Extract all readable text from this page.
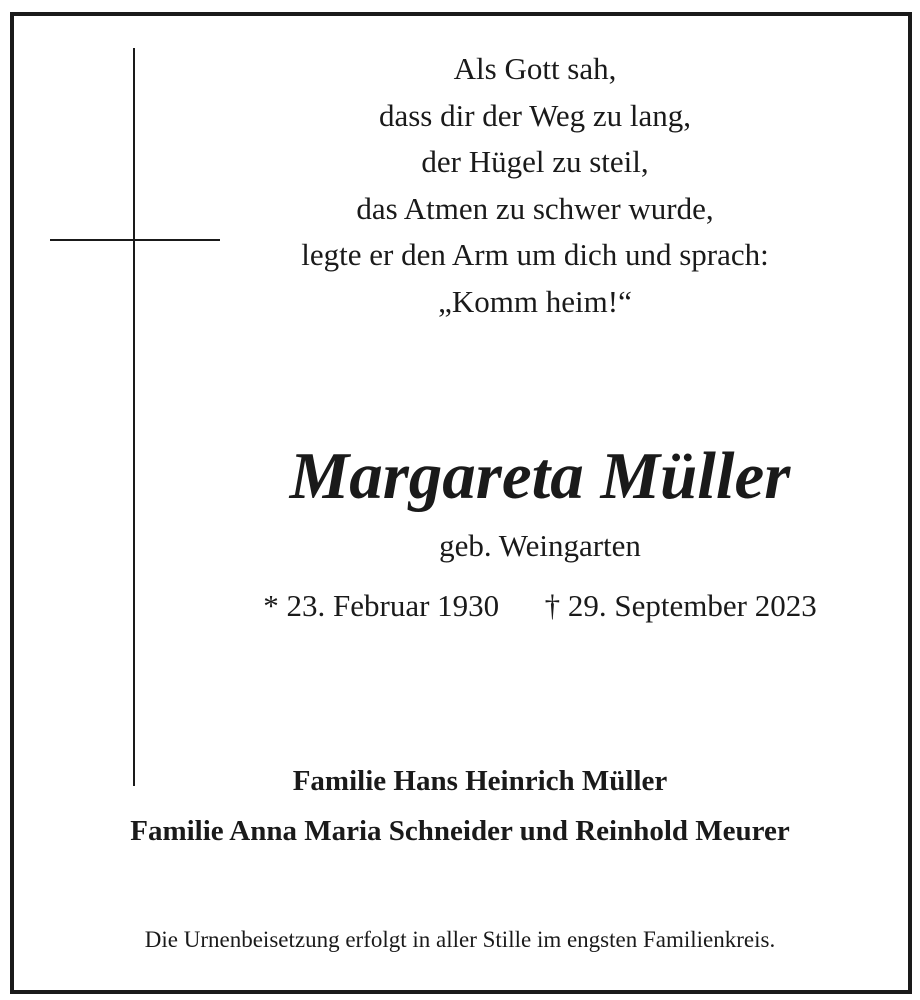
Als Gott sah,
dass dir der Weg zu lang,
der Hügel zu steil,
das Atmen zu schwer wurde,
legte er den Arm um dich und sprach:
„Komm heim!“
Margareta Müller
geb. Weingarten
* 23. Februar 1930 † 29. September 2023
Familie Hans Heinrich Müller
Familie Anna Maria Schneider und Reinhold Meurer
Die Urnenbeisetzung erfolgt in aller Stille im engsten Familienkreis.
